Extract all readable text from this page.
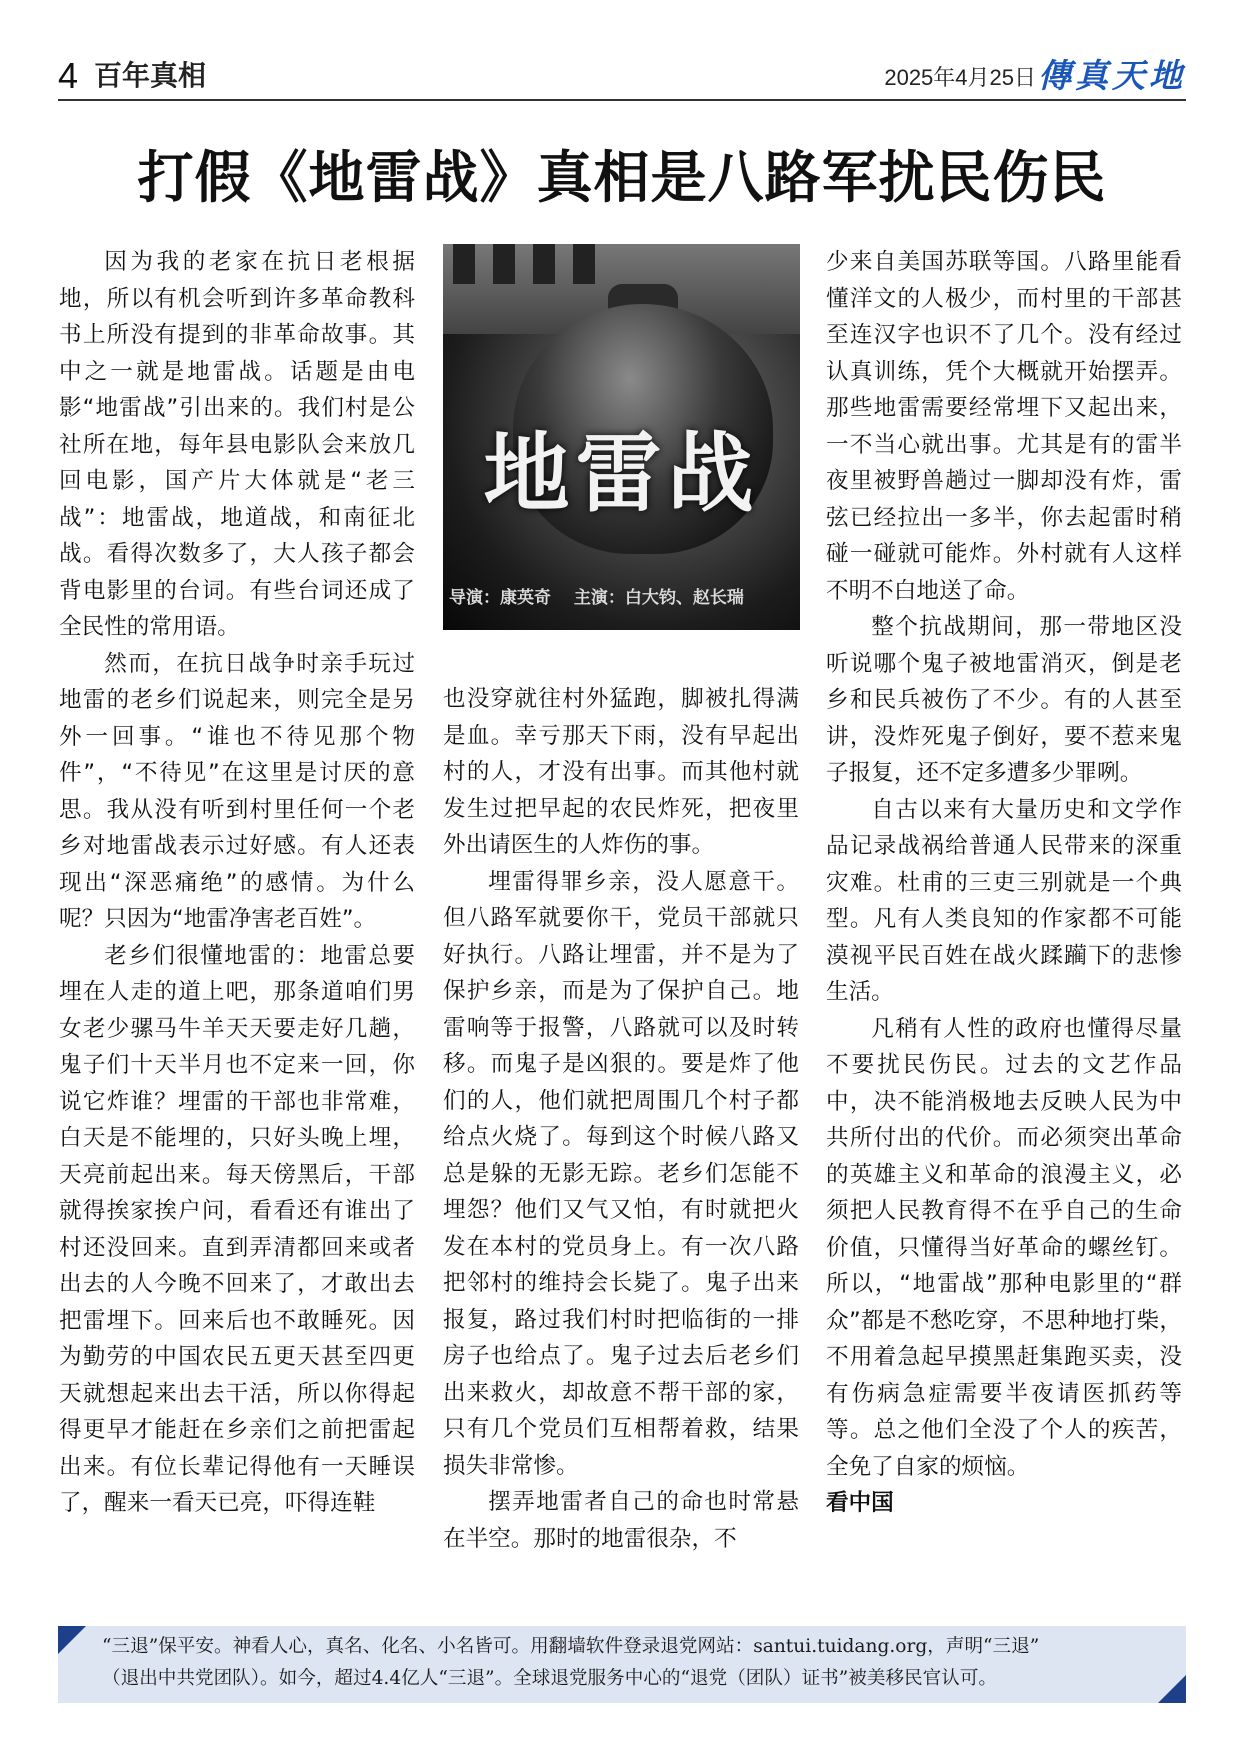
4 百年真相	2025年4月25日 傳真天地
打假《地雷战》真相是八路军扰民伤民

因为我的老家在抗日老根据地，所以有机会听到许多革命教科书上所没有提到的非革命故事。其中之一就是地雷战。话题是由电影“地雷战”引出来的。我们村是公社所在地，每年县电影队会来放几回电影，国产片大体就是“老三战”：地雷战，地道战，和南征北战。看得次数多了，大人孩子都会背电影里的台词。有些台词还成了全民性的常用语。

然而，在抗日战争时亲手玩过地雷的老乡们说起来，则完全是另外一回事。“谁也不待见那个物件”，“不待见”在这里是讨厌的意思。我从没有听到村里任何一个老乡对地雷战表示过好感。有人还表现出“深恶痛绝”的感情。为什么呢？只因为“地雷净害老百姓”。

老乡们很懂地雷的：地雷总要埋在人走的道上吧，那条道咱们男女老少骡马牛羊天天要走好几趟，鬼子们十天半月也不定来一回，你说它炸谁？埋雷的干部也非常难，白天是不能埋的，只好头晚上埋，天亮前起出来。每天傍黑后，干部就得挨家挨户问，看看还有谁出了村还没回来。直到弄清都回来或者出去的人今晚不回来了，才敢出去把雷埋下。回来后也不敢睡死。因为勤劳的中国农民五更天甚至四更天就想起来出去干活，所以你得起得更早才能赶在乡亲们之前把雷起出来。有位长辈记得他有一天睡误了，醒来一看天已亮，吓得连鞋

地雷战
导演：康英奇　 主演：白大钧、赵长瑞

也没穿就往村外猛跑，脚被扎得满是血。幸亏那天下雨，没有早起出村的人，才没有出事。而其他村就发生过把早起的农民炸死，把夜里外出请医生的人炸伤的事。

埋雷得罪乡亲，没人愿意干。但八路军就要你干，党员干部就只好执行。八路让埋雷，并不是为了保护乡亲，而是为了保护自己。地雷响等于报警，八路就可以及时转移。而鬼子是凶狠的。要是炸了他们的人，他们就把周围几个村子都给点火烧了。每到这个时候八路又总是躲的无影无踪。老乡们怎能不埋怨？他们又气又怕，有时就把火发在本村的党员身上。有一次八路把邻村的维持会长毙了。鬼子出来报复，路过我们村时把临街的一排房子也给点了。鬼子过去后老乡们出来救火，却故意不帮干部的家，只有几个党员们互相帮着救，结果损失非常惨。

摆弄地雷者自己的命也时常悬在半空。那时的地雷很杂，不

少来自美国苏联等国。八路里能看懂洋文的人极少，而村里的干部甚至连汉字也识不了几个。没有经过认真训练，凭个大概就开始摆弄。那些地雷需要经常埋下又起出来，一不当心就出事。尤其是有的雷半夜里被野兽趟过一脚却没有炸，雷弦已经拉出一多半，你去起雷时稍碰一碰就可能炸。外村就有人这样不明不白地送了命。

整个抗战期间，那一带地区没听说哪个鬼子被地雷消灭，倒是老乡和民兵被伤了不少。有的人甚至讲，没炸死鬼子倒好，要不惹来鬼子报复，还不定多遭多少罪咧。

自古以来有大量历史和文学作品记录战祸给普通人民带来的深重灾难。杜甫的三吏三别就是一个典型。凡有人类良知的作家都不可能漠视平民百姓在战火蹂躏下的悲惨生活。

凡稍有人性的政府也懂得尽量不要扰民伤民。过去的文艺作品中，决不能消极地去反映人民为中共所付出的代价。而必须突出革命的英雄主义和革命的浪漫主义，必须把人民教育得不在乎自己的生命价值，只懂得当好革命的螺丝钉。所以，“地雷战”那种电影里的“群众”都是不愁吃穿，不思种地打柴，不用着急起早摸黑赶集跑买卖，没有伤病急症需要半夜请医抓药等等。总之他们全没了个人的疾苦，全免了自家的烦恼。

看中国

“三退”保平安。神看人心，真名、化名、小名皆可。用翻墙软件登录退党网站：santui.tuidang.org，声明“三退”
（退出中共党团队）。如今，超过4.4亿人“三退”。全球退党服务中心的“退党（团队）证书”被美移民官认可。
